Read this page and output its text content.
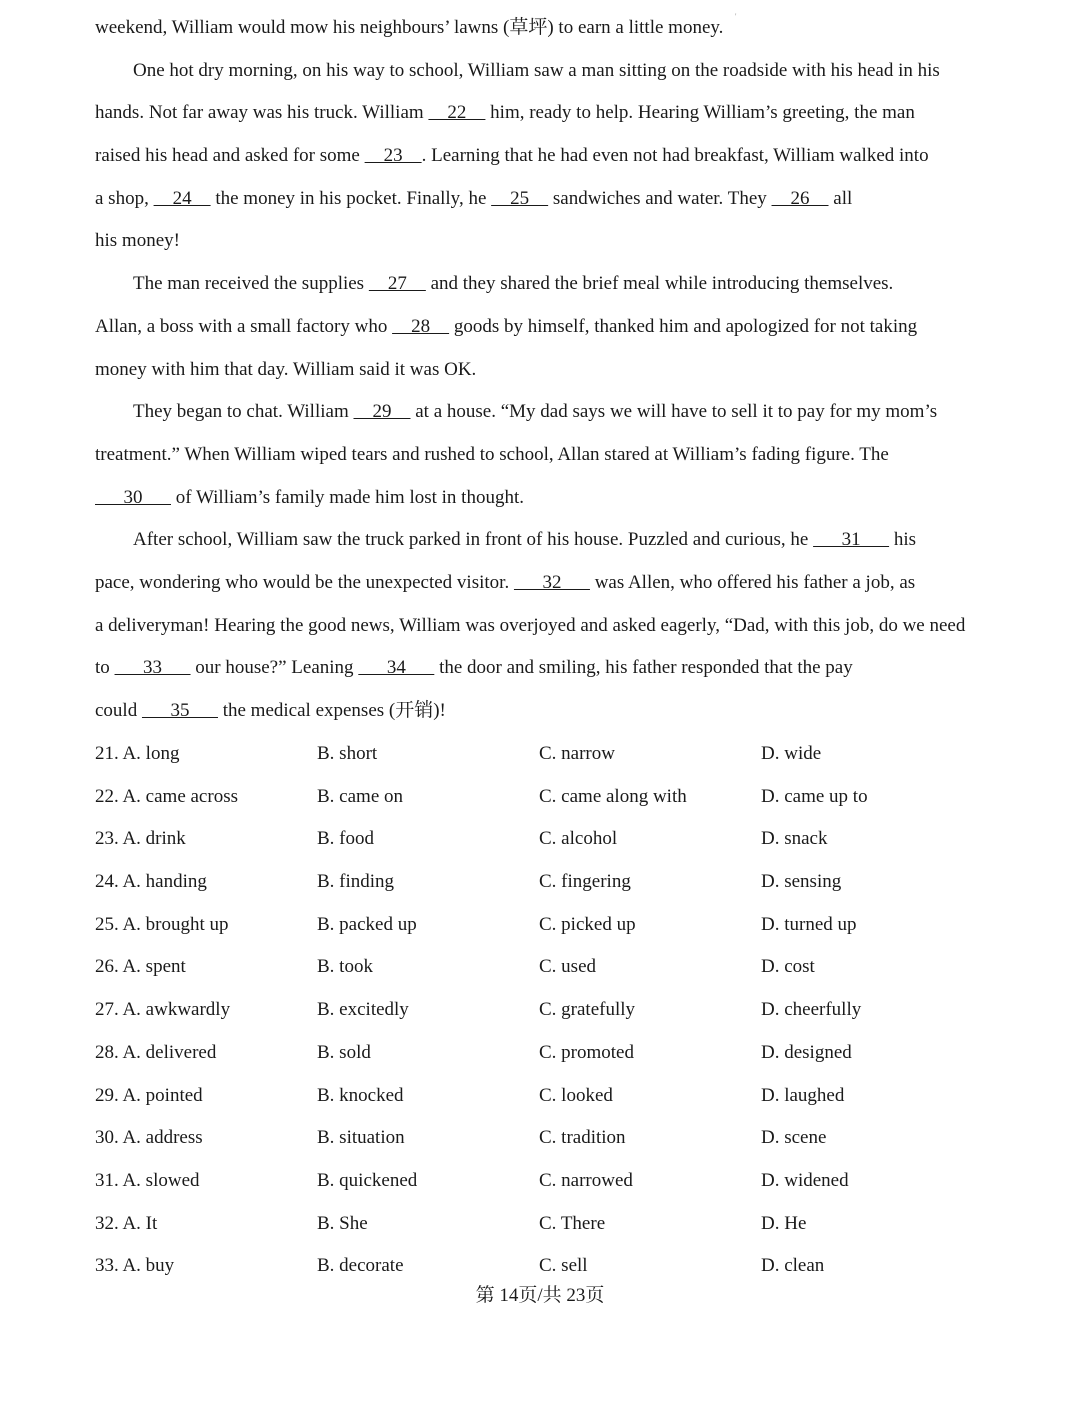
'
weekend, William would mow his neighbours’ lawns (草坪) to earn a little money.
One hot dry morning, on his way to school, William saw a man sitting on the roadside with his head in his
hands. Not far away was his truck. William     22     him, ready to help. Hearing William’s greeting, the man
raised his head and asked for some     23    . Learning that he had even not had breakfast, William walked into
a shop,     24     the money in his pocket. Finally, he     25     sandwiches and water. They     26     all
his money!
The man received the supplies     27     and they shared the brief meal while introducing themselves.
Allan, a boss with a small factory who     28     goods by himself, thanked him and apologized for not taking
money with him that day. William said it was OK.
They began to chat. William     29     at a house. “My dad says we will have to sell it to pay for my mom’s
treatment.” When William wiped tears and rushed to school, Allan stared at William’s fading figure. The
30       of William’s family made him lost in thought.
After school, William saw the truck parked in front of his house. Puzzled and curious, he       31       his
pace, wondering who would be the unexpected visitor.       32       was Allen, who offered his father a job, as
a deliveryman! Hearing the good news, William was overjoyed and asked eagerly, “Dad, with this job, do we need
to       33       our house?” Leaning       34       the door and smiling, his father responded that the pay
could       35       the medical expenses (开销)!
21. A. long	B. short	C. narrow	D. wide
22. A. came across	B. came on	C. came along with	D. came up to
23. A. drink	B. food	C. alcohol	D. snack
24. A. handing	B. finding	C. fingering	D. sensing
25. A. brought up	B. packed up	C. picked up	D. turned up
26. A. spent	B. took	C. used	D. cost
27. A. awkwardly	B. excitedly	C. gratefully	D. cheerfully
28. A. delivered	B. sold	C. promoted	D. designed
29. A. pointed	B. knocked	C. looked	D. laughed
30. A. address	B. situation	C. tradition	D. scene
31. A. slowed	B. quickened	C. narrowed	D. widened
32. A. It	B. She	C. There	D. He
33. A. buy	B. decorate	C. sell	D. clean
第 14页/共 23页
